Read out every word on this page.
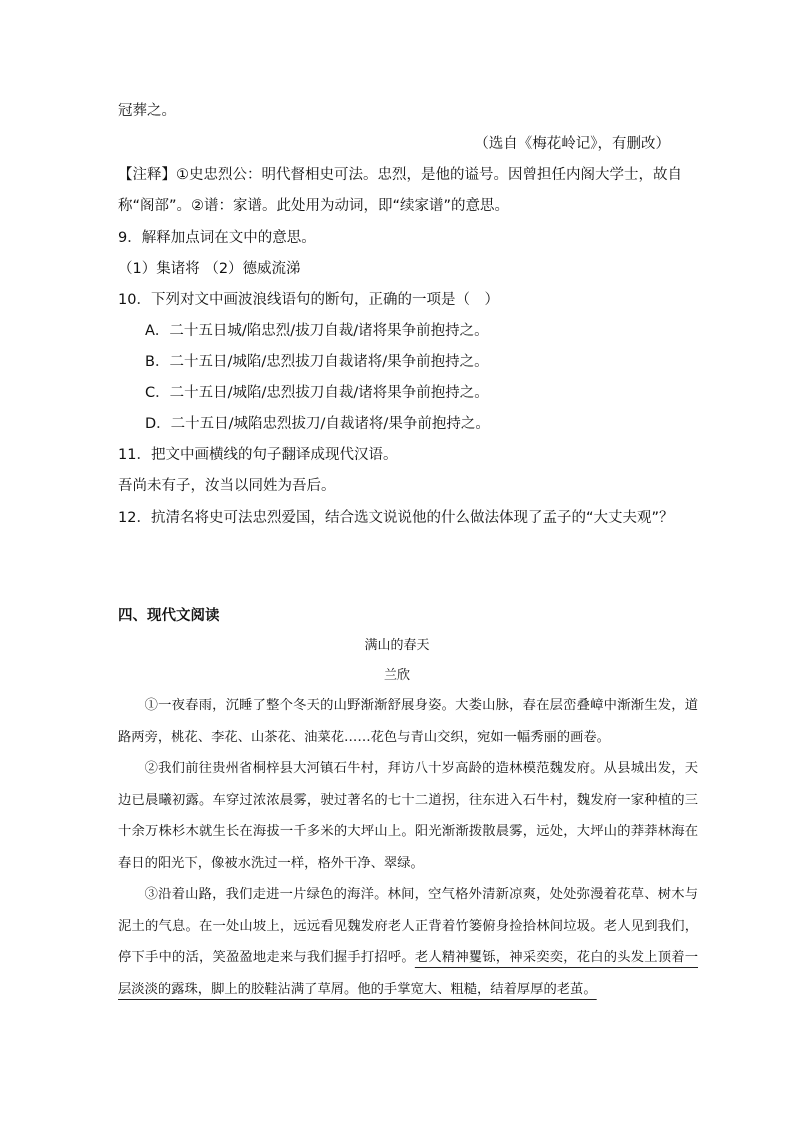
冠葬之。
（选自《梅花岭记》，有删改）
【注释】①史忠烈公：明代督相史可法。忠烈，是他的谥号。因曾担任内阁大学士，故自
称“阁部”。②谱：家谱。此处用为动词，即“续家谱”的意思。
9．解释加点词在文中的意思。
（1）集诸将 （2）德威流涕
10．下列对文中画波浪线语句的断句，正确的一项是（　）
A．二十五日城/陷忠烈/拔刀自裁/诸将果争前抱持之。
B．二十五日/城陷/忠烈拔刀自裁诸将/果争前抱持之。
C．二十五日/城陷/忠烈拔刀自裁/诸将果争前抱持之。
D．二十五日/城陷忠烈拔刀/自裁诸将/果争前抱持之。
11．把文中画横线的句子翻译成现代汉语。
吾尚未有子，汝当以同姓为吾后。
12．抗清名将史可法忠烈爱国，结合选文说说他的什么做法体现了孟子的“大丈夫观”？
四、现代文阅读
满山的春天
兰欣

①一夜春雨，沉睡了整个冬天的山野渐渐舒展身姿。大娄山脉，春在层峦叠嶂中渐渐生发，道路两旁，桃花、李花、山茶花、油菜花……花色与青山交织，宛如一幅秀丽的画卷。

②我们前往贵州省桐梓县大河镇石牛村，拜访八十岁高龄的造林模范魏发府。从县城出发，天边已晨曦初露。车穿过浓浓晨雾，驶过著名的七十二道拐，往东进入石牛村，魏发府一家种植的三十余万株杉木就生长在海拔一千多米的大坪山上。阳光渐渐拨散晨雾，远处，大坪山的莽莽林海在春日的阳光下，像被水洗过一样，格外干净、翠绿。

③沿着山路，我们走进一片绿色的海洋。林间，空气格外清新凉爽，处处弥漫着花草、树木与泥土的气息。在一处山坡上，远远看见魏发府老人正背着竹篓俯身捡拾林间垃圾。老人见到我们，停下手中的活，笑盈盈地走来与我们握手打招呼。老人精神矍铄，神采奕奕，花白的头发上顶着一层淡淡的露珠，脚上的胶鞋沾满了草屑。他的手掌宽大、粗糙，结着厚厚的老茧。
